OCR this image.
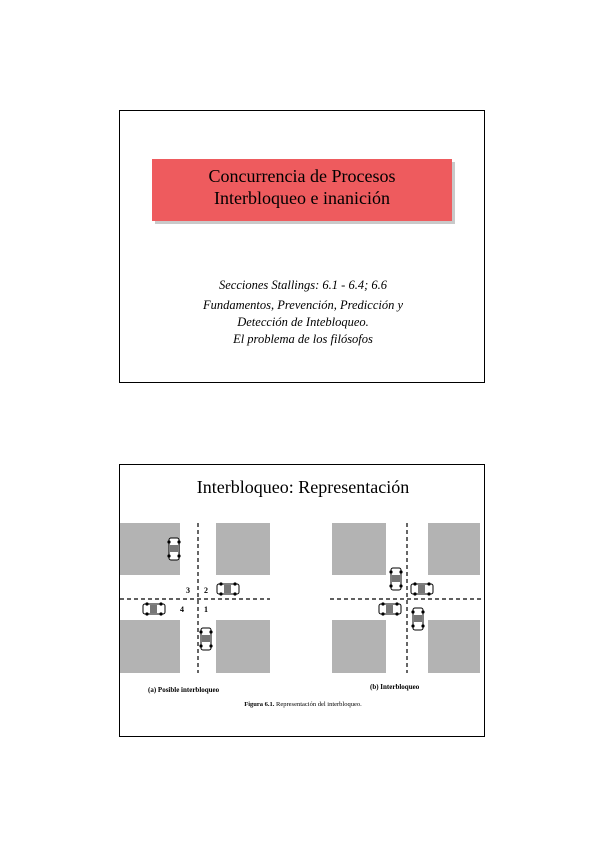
Concurrencia de Procesos
Interbloqueo e inanición
Secciones Stallings: 6.1 - 6.4; 6.6
Fundamentos, Prevención, Predicción y
Detección de Intebloqueo.
El problema de los filósofos
Interbloqueo: Representación
3 2
4	1
(a) Posible interbloqueo	(b) Interbloqueo
Figura 6.1. Representación del interbloqueo.
